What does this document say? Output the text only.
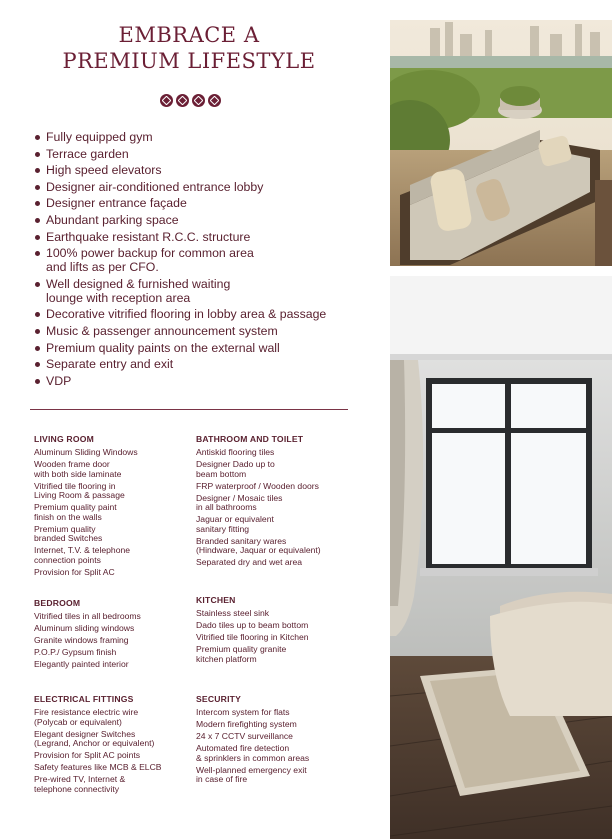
EMBRACE A
PREMIUM LIFESTYLE
Fully equipped gym
Terrace garden
High speed elevators
Designer air-conditioned entrance lobby
Designer entrance façade
Abundant parking space
Earthquake resistant R.C.C. structure
100% power backup for common area
and lifts as per CFO.
Well designed & furnished waiting
lounge with reception area
Decorative vitrified flooring in lobby area & passage
Music & passenger announcement system
Premium quality paints on the external wall
Separate entry and exit
VDP
LIVING ROOM
Aluminum Sliding Windows
Wooden frame door
with both side laminate
Vitrified tile flooring in
Living Room & passage
Premium quality paint
finish on the walls
Premium quality
branded Switches
Internet, T.V. & telephone
connection points
Provision for Split AC
BATHROOM AND TOILET
Antiskid flooring tiles
Designer Dado up to
beam bottom
FRP waterproof / Wooden doors
Designer / Mosaic tiles
in all bathrooms
Jaguar or equivalent
sanitary fitting
Branded sanitary wares
(Hindware, Jaquar or equivalent)
Separated dry and wet area
BEDROOM
Vitrified tiles in all bedrooms
Aluminum sliding windows
Granite windows framing
P.O.P./ Gypsum finish
Elegantly painted interior
KITCHEN
Stainless steel sink
Dado tiles up to beam bottom
Vitrified tile flooring in Kitchen
Premium quality granite
kitchen platform
ELECTRICAL FITTINGS
Fire resistance electric wire
(Polycab or equivalent)
Elegant designer Switches
(Legrand, Anchor or equivalent)
Provision for Split AC points
Safety features like MCB & ELCB
Pre-wired TV, Internet &
telephone connectivity
SECURITY
Intercom system for flats
Modern firefighting system
24 x 7 CCTV surveillance
Automated fire detection
& sprinklers in common areas
Well-planned emergency exit
in case of fire
